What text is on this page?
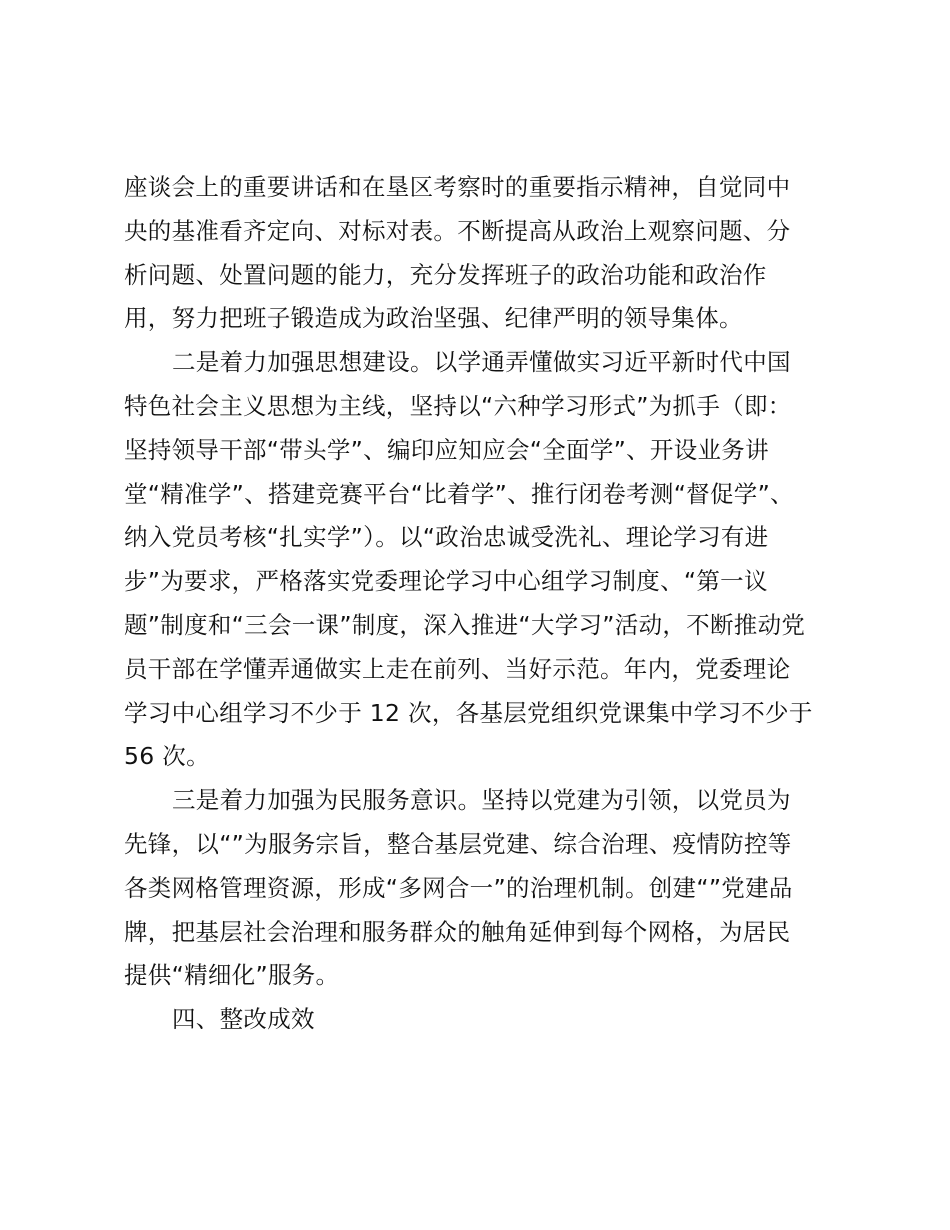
座谈会上的重要讲话和在垦区考察时的重要指示精神，自觉同中
央的基准看齐定向、对标对表。不断提高从政治上观察问题、分
析问题、处置问题的能力，充分发挥班子的政治功能和政治作
用，努力把班子锻造成为政治坚强、纪律严明的领导集体。
二是着力加强思想建设。以学通弄懂做实习近平新时代中国
特色社会主义思想为主线，坚持以“六种学习形式”为抓手（即：
坚持领导干部“带头学”、编印应知应会“全面学”、开设业务讲
堂“精准学”、搭建竞赛平台“比着学”、推行闭卷考测“督促学”、
纳入党员考核“扎实学”）。以“政治忠诚受洗礼、理论学习有进
步”为要求，严格落实党委理论学习中心组学习制度、“第一议
题”制度和“三会一课”制度，深入推进“大学习”活动，不断推动党
员干部在学懂弄通做实上走在前列、当好示范。年内，党委理论
学习中心组学习不少于 12 次，各基层党组织党课集中学习不少于
56 次。
三是着力加强为民服务意识。坚持以党建为引领，以党员为
先锋，以“”为服务宗旨，整合基层党建、综合治理、疫情防控等
各类网格管理资源，形成“多网合一”的治理机制。创建“”党建品
牌，把基层社会治理和服务群众的触角延伸到每个网格，为居民
提供“精细化”服务。
四、整改成效
